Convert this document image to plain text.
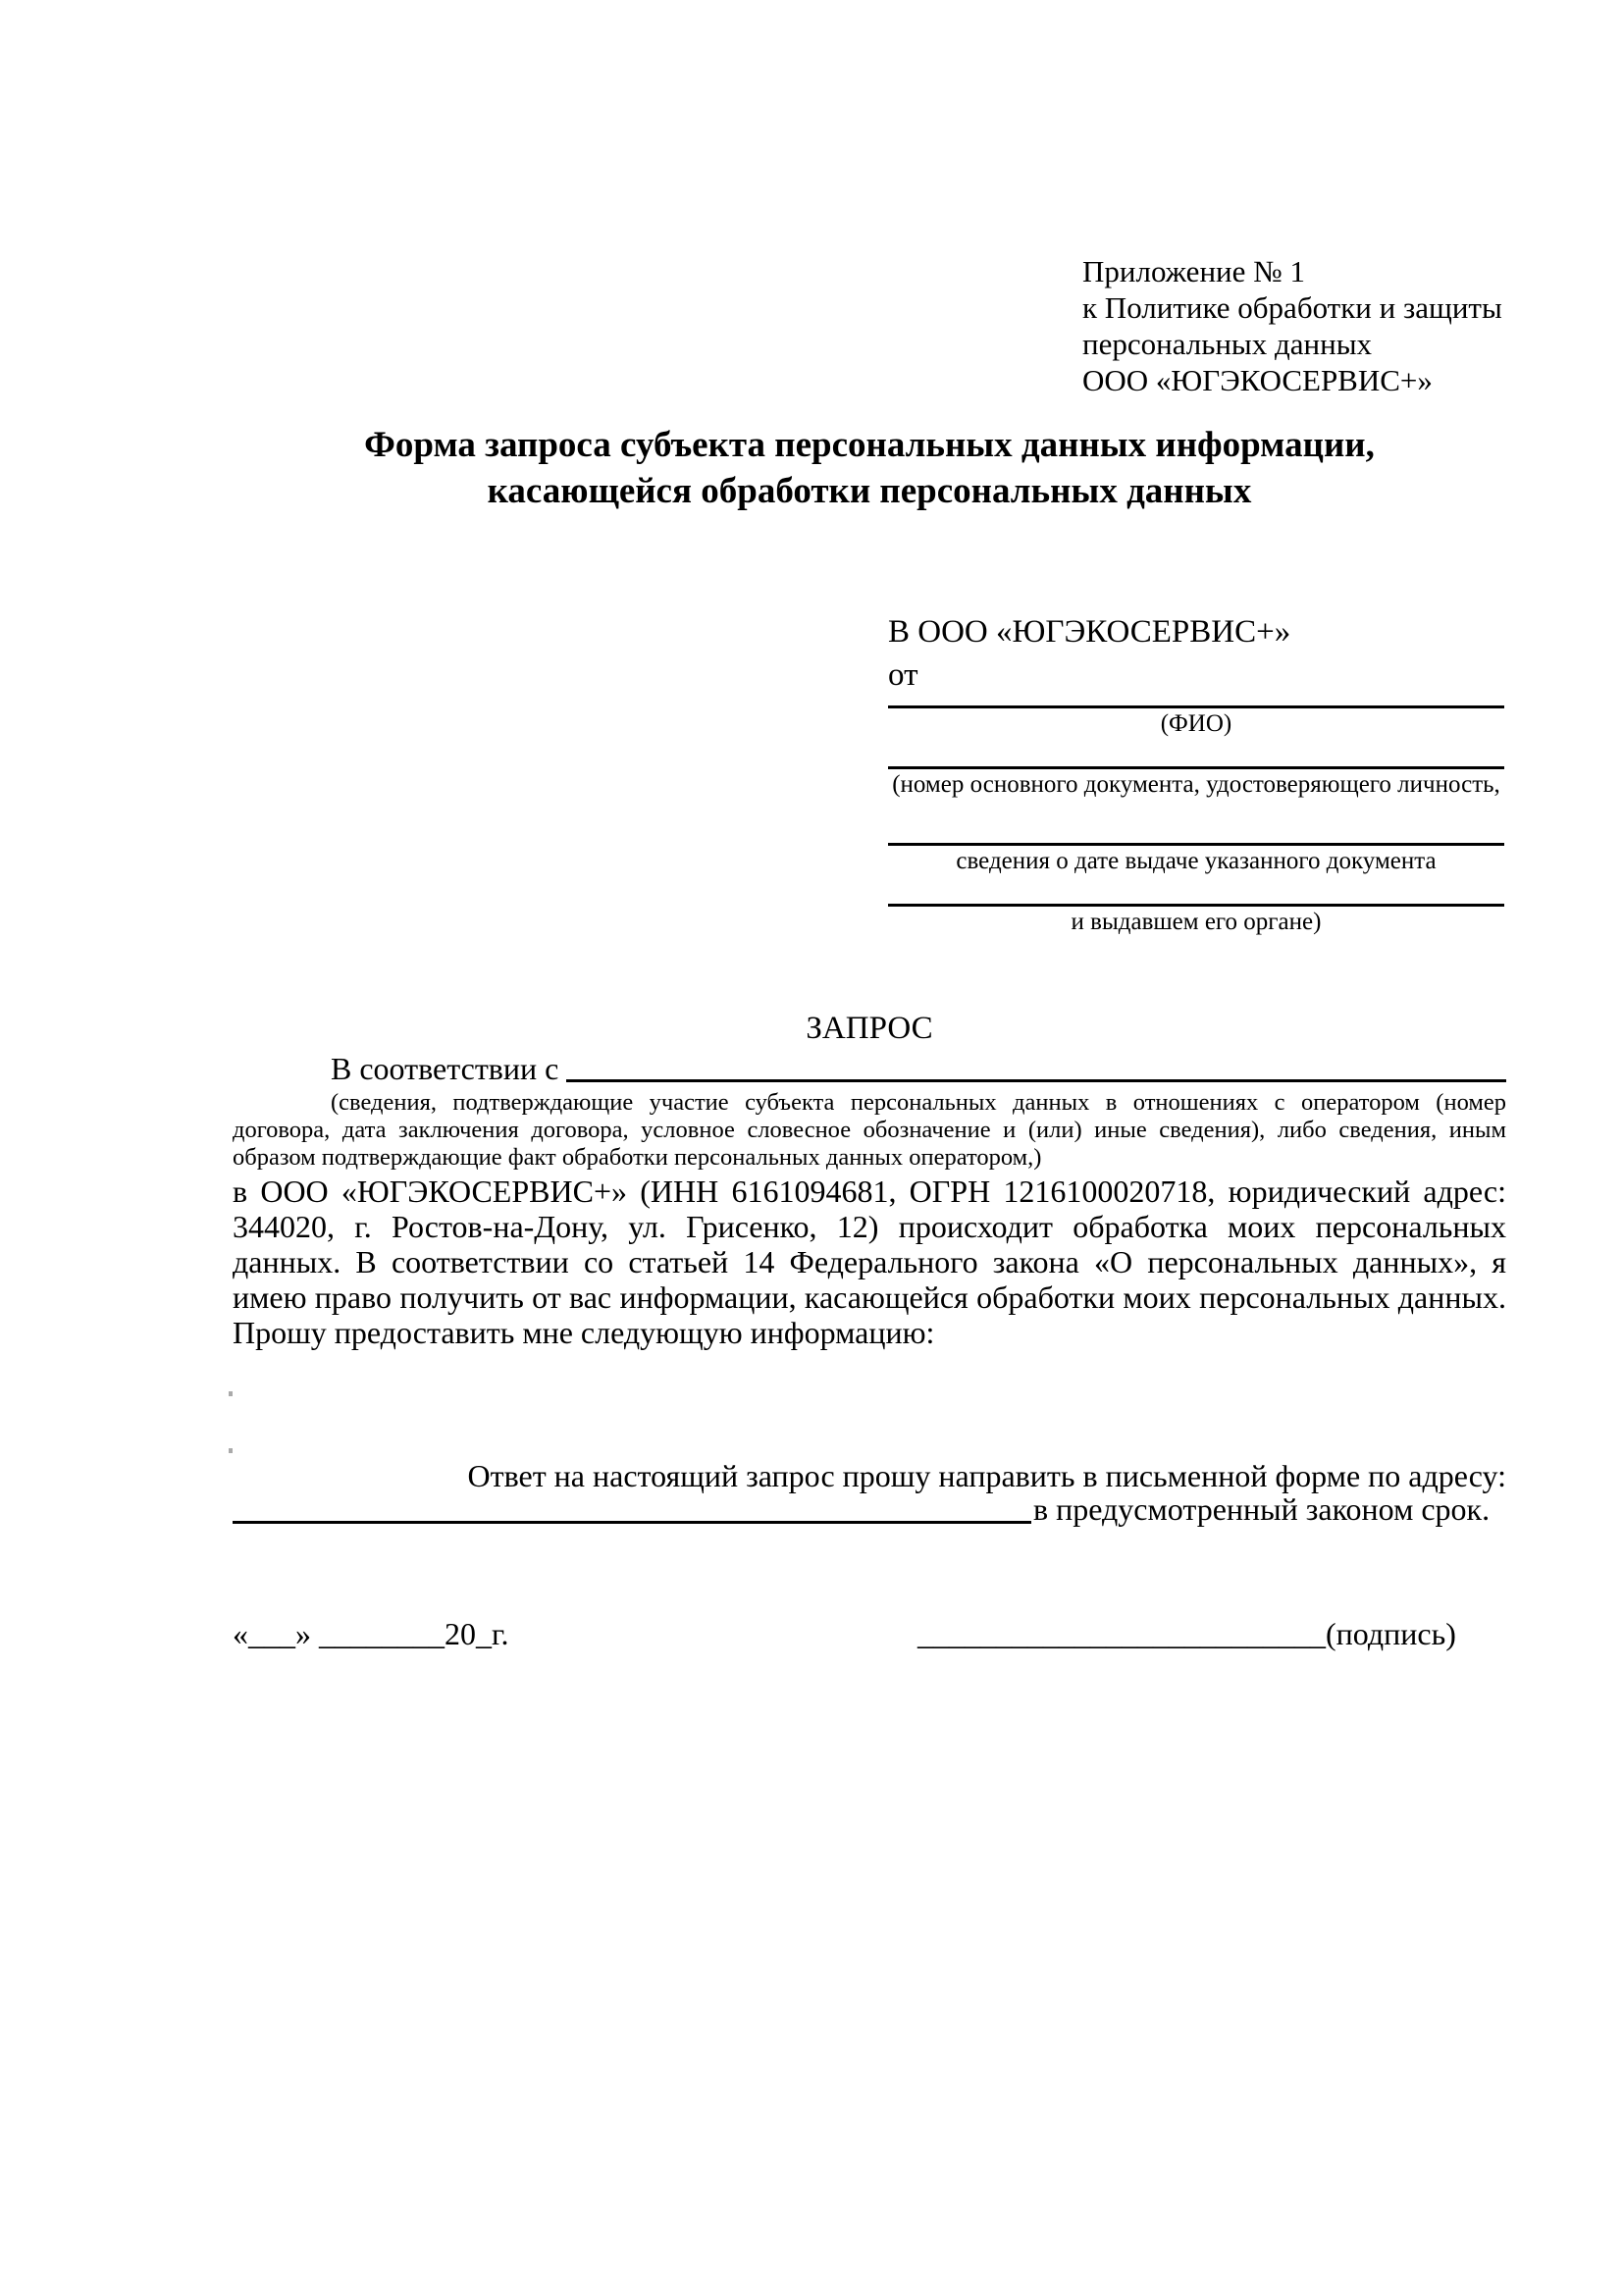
Приложение № 1
к Политике обработки и защиты
персональных данных
ООО «ЮГЭКОСЕРВИС+»
Форма запроса субъекта персональных данных информации,
касающейся обработки персональных данных
В ООО «ЮГЭКОСЕРВИС+»
от
(ФИО)
(номер основного документа, удостоверяющего личность,
сведения о дате выдаче указанного документа
и выдавшем его органе)
ЗАПРОС
В соответствии с
(сведения, подтверждающие участие субъекта персональных данных в отношениях с оператором (номер договора, дата заключения договора, условное словесное обозначение и (или) иные сведения), либо сведения, иным образом подтверждающие факт обработки персональных данных оператором,)
в ООО «ЮГЭКОСЕРВИС+» (ИНН 6161094681, ОГРН 1216100020718, юридический адрес: 344020, г. Ростов-на-Дону, ул. Грисенко, 12) происходит обработка моих персональных данных. В соответствии со статьей 14 Федерального закона «О персональных данных», я имею право получить от вас информации, касающейся обработки моих персональных данных. Прошу предоставить мне следующую информацию:
Ответ на настоящий запрос прошу направить в письменной форме по адресу:
в предусмотренный законом срок.
«___» ________20_г.	__________________________(подпись)
